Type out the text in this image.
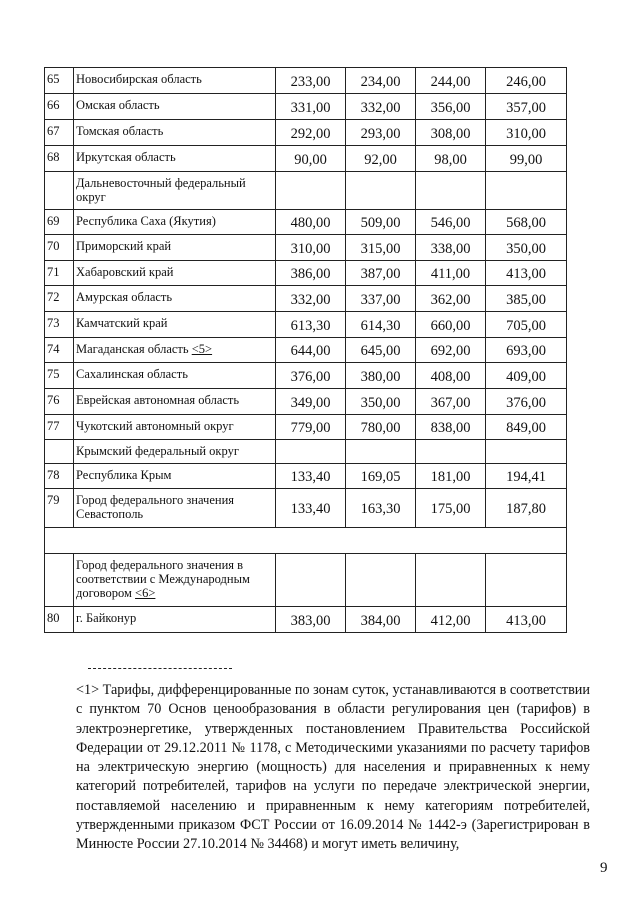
65	Новосибирская область	233,00	234,00	244,00	246,00
66	Омская область	331,00	332,00	356,00	357,00
67	Томская область	292,00	293,00	308,00	310,00
68	Иркутская область	90,00	92,00	98,00	99,00
	Дальневосточный федеральный округ				
69	Республика Саха (Якутия)	480,00	509,00	546,00	568,00
70	Приморский край	310,00	315,00	338,00	350,00
71	Хабаровский край	386,00	387,00	411,00	413,00
72	Амурская область	332,00	337,00	362,00	385,00
73	Камчатский край	613,30	614,30	660,00	705,00
74	Магаданская область <5>	644,00	645,00	692,00	693,00
75	Сахалинская область	376,00	380,00	408,00	409,00
76	Еврейская автономная область	349,00	350,00	367,00	376,00
77	Чукотский автономный округ	779,00	780,00	838,00	849,00
	Крымский федеральный округ				
78	Республика Крым	133,40	169,05	181,00	194,41
79	Город федерального значения Севастополь	133,40	163,30	175,00	187,80

	Город федерального значения в соответствии с Международным договором <6>				
80	г. Байконур	383,00	384,00	412,00	413,00

<1> Тарифы, дифференцированные по зонам суток, устанавливаются в соответствии с пунктом 70 Основ ценообразования в области регулирования цен (тарифов) в электроэнергетике, утвержденных постановлением Правительства Российской Федерации от 29.12.2011 № 1178, с Методическими указаниями по расчету тарифов на электрическую энергию (мощность) для населения и приравненных к нему категорий потребителей, тарифов на услуги по передаче электрической энергии, поставляемой населению и приравненным к нему категориям потребителей, утвержденными приказом ФСТ России от 16.09.2014 № 1442-э (Зарегистрирован в Минюсте России 27.10.2014 № 34468) и могут иметь величину,

9
